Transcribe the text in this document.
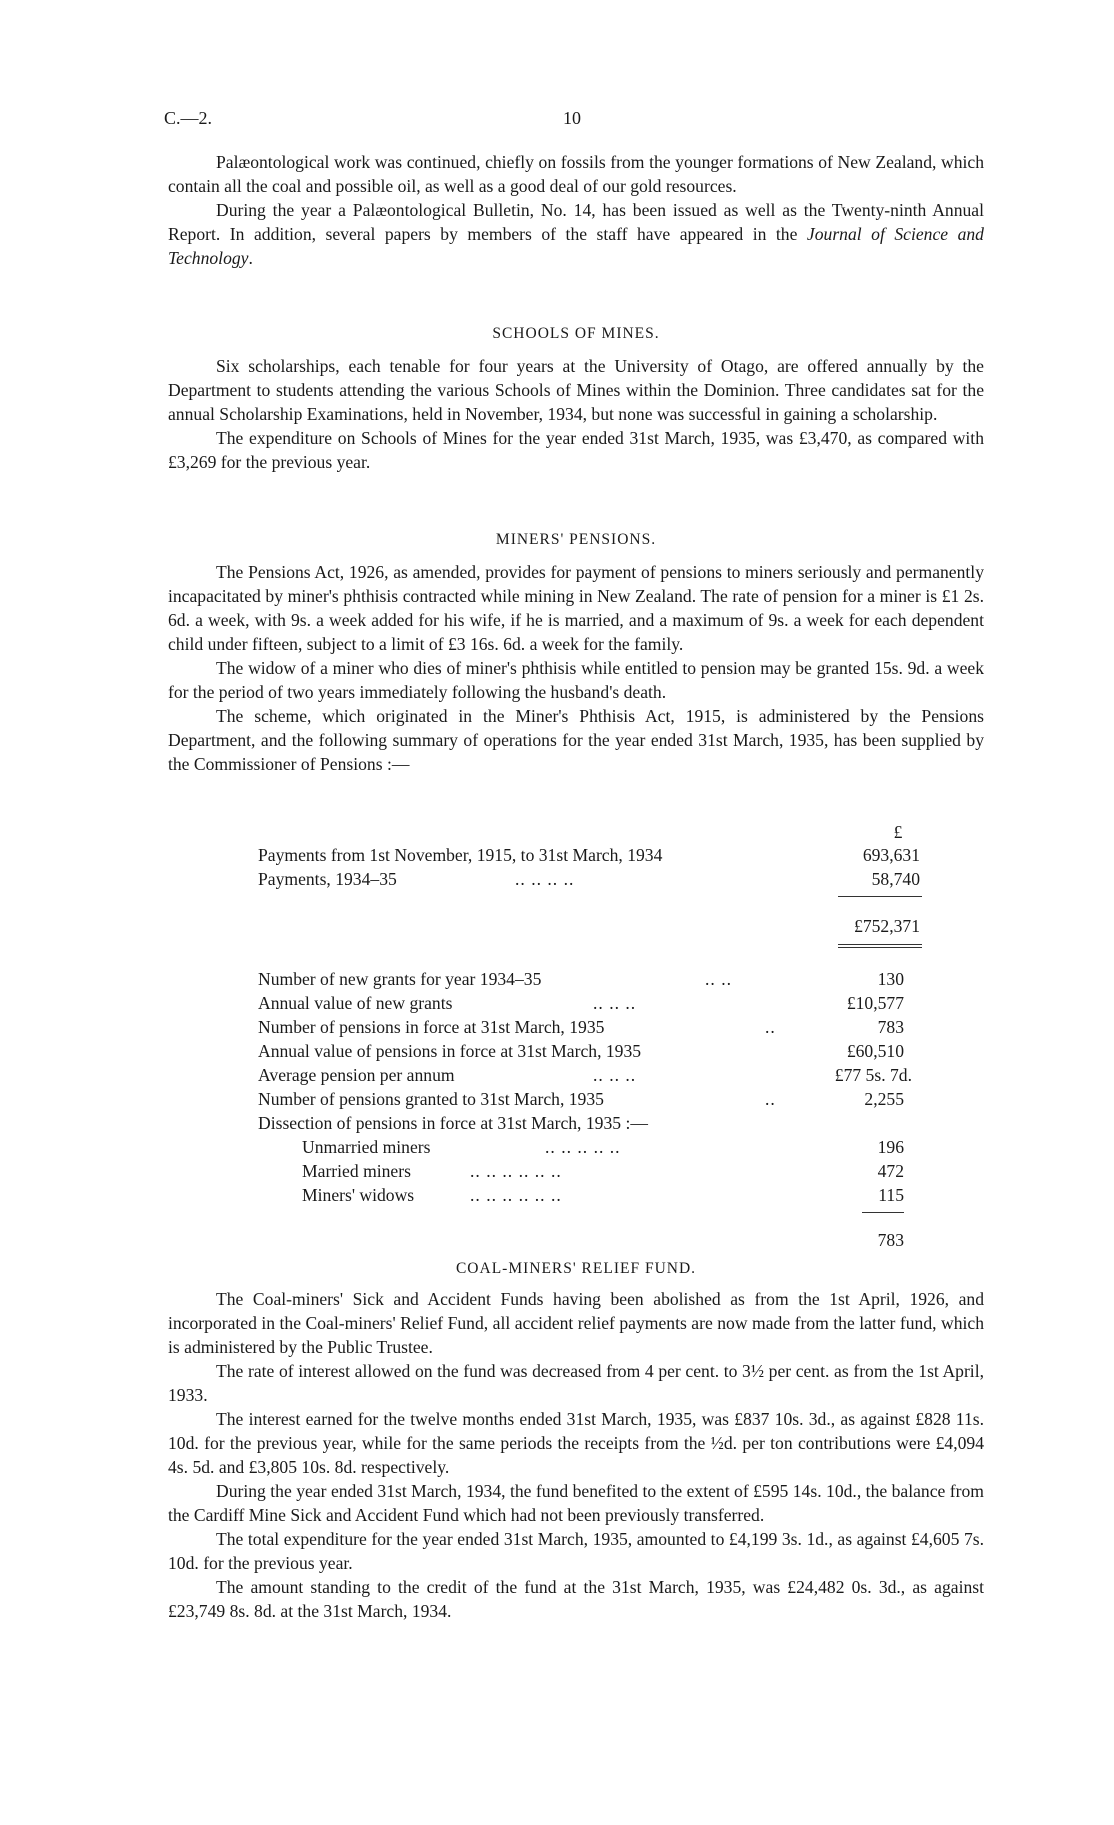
C.—2.	10

Palæontological work was continued, chiefly on fossils from the younger formations of New Zealand, which contain all the coal and possible oil, as well as a good deal of our gold resources.

During the year a Palæontological Bulletin, No. 14, has been issued as well as the Twenty-ninth Annual Report. In addition, several papers by members of the staff have appeared in the Journal of Science and Technology.

SCHOOLS OF MINES.

Six scholarships, each tenable for four years at the University of Otago, are offered annually by the Department to students attending the various Schools of Mines within the Dominion. Three candidates sat for the annual Scholarship Examinations, held in November, 1934, but none was successful in gaining a scholarship.

The expenditure on Schools of Mines for the year ended 31st March, 1935, was £3,470, as compared with £3,269 for the previous year.

MINERS' PENSIONS.

The Pensions Act, 1926, as amended, provides for payment of pensions to miners seriously and permanently incapacitated by miner's phthisis contracted while mining in New Zealand. The rate of pension for a miner is £1 2s. 6d. a week, with 9s. a week added for his wife, if he is married, and a maximum of 9s. a week for each dependent child under fifteen, subject to a limit of £3 16s. 6d. a week for the family.

The widow of a miner who dies of miner's phthisis while entitled to pension may be granted 15s. 9d. a week for the period of two years immediately following the husband's death.

The scheme, which originated in the Miner's Phthisis Act, 1915, is administered by the Pensions Department, and the following summary of operations for the year ended 31st March, 1935, has been supplied by the Commissioner of Pensions :—

£
Payments from 1st November, 1915, to 31st March, 1934	693,631
Payments, 1934–35	.. .. .. ..	58,740
£752,371
Number of new grants for year 1934–35	.. ..	130
Annual value of new grants	.. .. ..	£10,577
Number of pensions in force at 31st March, 1935	..	783
Annual value of pensions in force at 31st March, 1935	£60,510
Average pension per annum	.. .. ..	£77 5s. 7d.
Number of pensions granted to 31st March, 1935	..	2,255
Dissection of pensions in force at 31st March, 1935 :—
Unmarried miners	.. .. .. .. ..	196
Married miners	.. .. .. .. .. ..	472
Miners' widows	.. .. .. .. .. ..	115
783

COAL-MINERS' RELIEF FUND.

The Coal-miners' Sick and Accident Funds having been abolished as from the 1st April, 1926, and incorporated in the Coal-miners' Relief Fund, all accident relief payments are now made from the latter fund, which is administered by the Public Trustee.

The rate of interest allowed on the fund was decreased from 4 per cent. to 3½ per cent. as from the 1st April, 1933.

The interest earned for the twelve months ended 31st March, 1935, was £837 10s. 3d., as against £828 11s. 10d. for the previous year, while for the same periods the receipts from the ½d. per ton contributions were £4,094 4s. 5d. and £3,805 10s. 8d. respectively.

During the year ended 31st March, 1934, the fund benefited to the extent of £595 14s. 10d., the balance from the Cardiff Mine Sick and Accident Fund which had not been previously transferred.

The total expenditure for the year ended 31st March, 1935, amounted to £4,199 3s. 1d., as against £4,605 7s. 10d. for the previous year.

The amount standing to the credit of the fund at the 31st March, 1935, was £24,482 0s. 3d., as against £23,749 8s. 8d. at the 31st March, 1934.
